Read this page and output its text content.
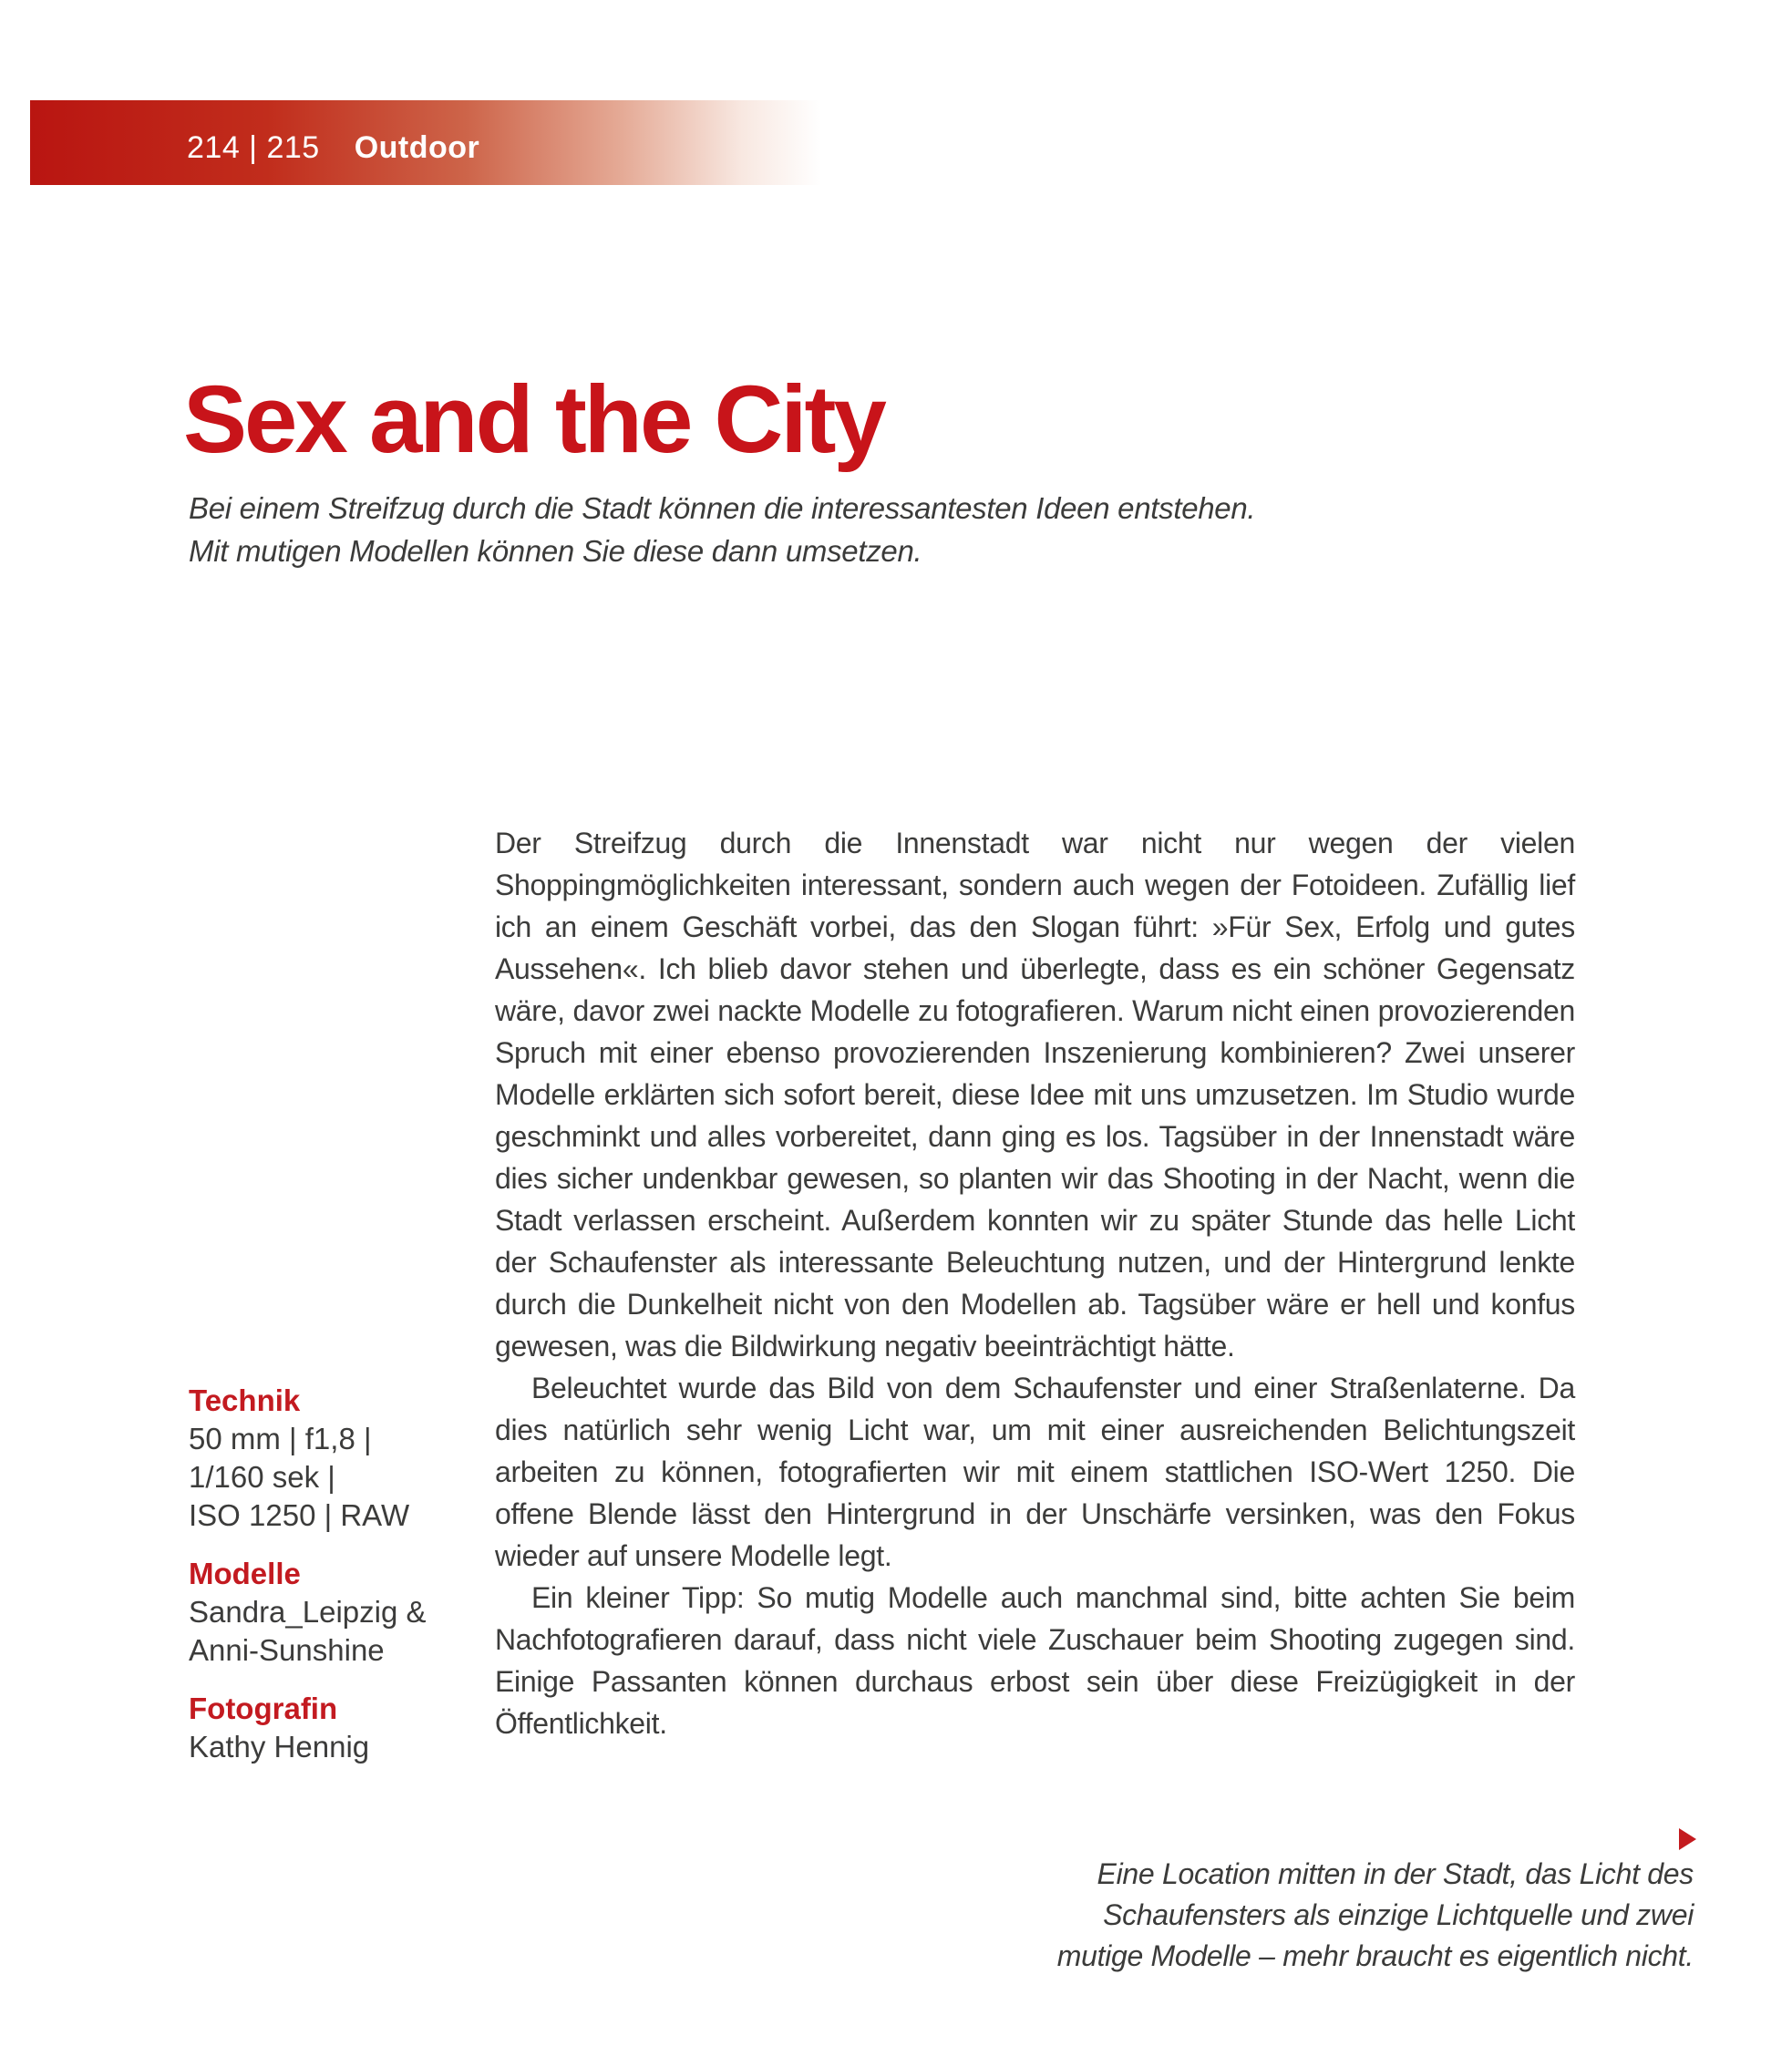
214 | 215 Outdoor
Sex and the City
Bei einem Streifzug durch die Stadt können die interessantesten Ideen entstehen.
Mit mutigen Modellen können Sie diese dann umsetzen.

Der Streifzug durch die Innenstadt war nicht nur wegen der vielen Shoppingmöglichkeiten interessant, sondern auch wegen der Fotoideen. Zufällig lief ich an einem Geschäft vorbei, das den Slogan führt: »Für Sex, Erfolg und gutes Aussehen«. Ich blieb davor stehen und überlegte, dass es ein schöner Gegensatz wäre, davor zwei nackte Modelle zu fotografieren. Warum nicht einen provozierenden Spruch mit einer ebenso provozierenden Inszenierung kombinieren? Zwei unserer Modelle erklärten sich sofort bereit, diese Idee mit uns umzusetzen. Im Studio wurde geschminkt und alles vorbereitet, dann ging es los. Tagsüber in der Innenstadt wäre dies sicher undenkbar gewesen, so planten wir das Shooting in der Nacht, wenn die Stadt verlassen erscheint. Außerdem konnten wir zu später Stunde das helle Licht der Schaufenster als interessante Beleuchtung nutzen, und der Hintergrund lenkte durch die Dunkelheit nicht von den Modellen ab. Tagsüber wäre er hell und konfus gewesen, was die Bildwirkung negativ beeinträchtigt hätte.

Beleuchtet wurde das Bild von dem Schaufenster und einer Straßenlaterne. Da dies natürlich sehr wenig Licht war, um mit einer ausreichenden Belichtungszeit arbeiten zu können, fotografierten wir mit einem stattlichen ISO-Wert 1250. Die offene Blende lässt den Hintergrund in der Unschärfe versinken, was den Fokus wieder auf unsere Modelle legt.

Ein kleiner Tipp: So mutig Modelle auch manchmal sind, bitte achten Sie beim Nachfotografieren darauf, dass nicht viele Zuschauer beim Shooting zugegen sind. Einige Passanten können durchaus erbost sein über diese Freizügigkeit in der Öffentlichkeit.

Technik
50 mm | f1,8 |
1/160 sek |
ISO 1250 | RAW
Modelle
Sandra_Leipzig &
Anni-Sunshine
Fotografin
Kathy Hennig
Eine Location mitten in der Stadt, das Licht des
Schaufensters als einzige Lichtquelle und zwei
mutige Modelle – mehr braucht es eigentlich nicht.
